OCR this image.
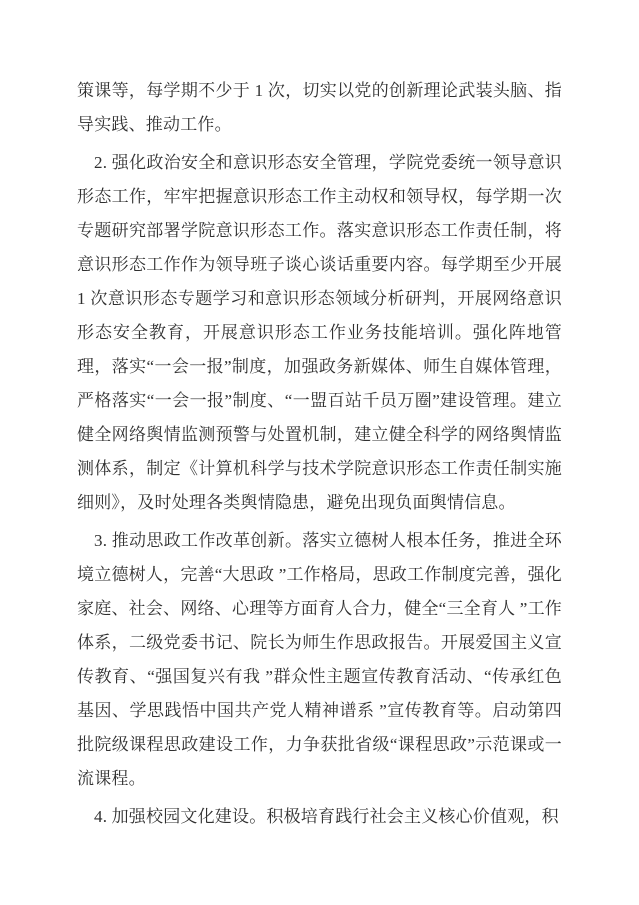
策课等，每学期不少于 1 次，切实以党的创新理论武装头脑、指导实践、推动工作。

2. 强化政治安全和意识形态安全管理，学院党委统一领导意识形态工作，牢牢把握意识形态工作主动权和领导权，每学期一次专题研究部署学院意识形态工作。落实意识形态工作责任制，将意识形态工作作为领导班子谈心谈话重要内容。每学期至少开展 1 次意识形态专题学习和意识形态领域分析研判，开展网络意识形态安全教育，开展意识形态工作业务技能培训。强化阵地管理，落实“一会一报”制度，加强政务新媒体、师生自媒体管理，严格落实“一会一报”制度、“一盟百站千员万圈”建设管理。建立健全网络舆情监测预警与处置机制，建立健全科学的网络舆情监测体系，制定《计算机科学与技术学院意识形态工作责任制实施细则》，及时处理各类舆情隐患，避免出现负面舆情信息。

3. 推动思政工作改革创新。落实立德树人根本任务，推进全环境立德树人，完善“大思政 ”工作格局，思政工作制度完善，强化家庭、社会、网络、心理等方面育人合力，健全“三全育人 ”工作体系，二级党委书记、院长为师生作思政报告。开展爱国主义宣传教育、“强国复兴有我 ”群众性主题宣传教育活动、“传承红色基因、学思践悟中国共产党人精神谱系 ”宣传教育等。启动第四批院级课程思政建设工作，力争获批省级“课程思政”示范课或一流课程。

4. 加强校园文化建设。积极培育践行社会主义核心价值观，积
